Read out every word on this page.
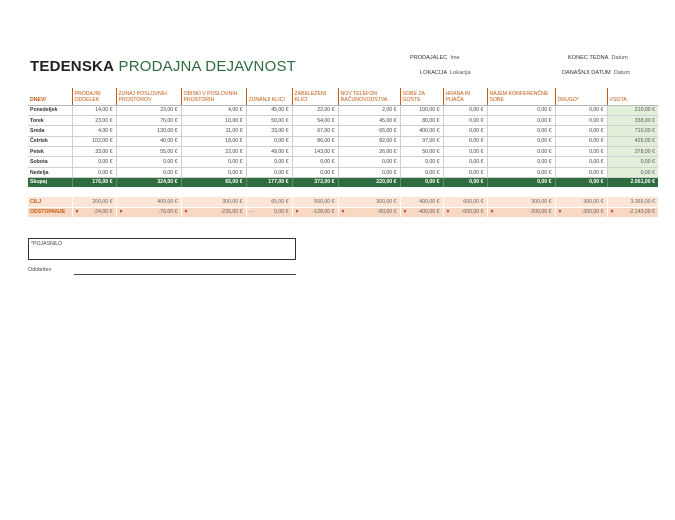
TEDENSKA PRODAJNA DEJAVNOST	PRODAJALEC Ime	KONEC TEDNA Datum
LOKACIJA Lokacija	DANAŠNJI DATUM Datum
DNEVI	PRODAJNI ODDELEK	ZUNAJ POSLOVNIH PROSTOROV	OBISKI V POSLOVNIH PROSTORIH	ZUNANJI KLICI	ZABELEŽENI KLICI	NOV TELEFON RAČUNOVODSTVA	SOBE ZA GOSTE	HRANA IN PIJAČA	NAJEM KONFERENČNE SOBE	DRUGO*	VSOTA
Ponedeljek	14,00 €	23,00 €	4,00 €	45,00 €	22,00 €	2,00 €	100,00 €	0,00 €	0,00 €	0,00 €	210,00 €
Torek	23,00 €	76,00 €	10,00 €	50,00 €	54,00 €	45,00 €	80,00 €	0,00 €	0,00 €	0,00 €	338,00 €
Sreda	4,00 €	130,00 €	11,00 €	33,00 €	67,00 €	65,00 €	400,00 €	0,00 €	0,00 €	0,00 €	710,00 €
Četrtek	102,00 €	40,00 €	18,00 €	0,00 €	86,00 €	82,00 €	97,00 €	0,00 €	0,00 €	0,00 €	425,00 €
Petek	33,00 €	55,00 €	22,00 €	49,00 €	143,00 €	26,00 €	50,00 €	0,00 €	0,00 €	0,00 €	378,00 €
Sobota	0,00 €	0,00 €	0,00 €	0,00 €	0,00 €	0,00 €	0,00 €	0,00 €	0,00 €	0,00 €	0,00 €
Nedelja	0,00 €	0,00 €	0,00 €	0,00 €	0,00 €	0,00 €	0,00 €	0,00 €	0,00 €	0,00 €	0,00 €
Skupaj	176,00 €	324,00 €	65,00 €	177,00 €	372,00 €	220,00 €	0,00 €	0,00 €	0,00 €	0,00 €	2.061,00 €
CILJ	200,00 €	400,00 €	300,00 €	65,00 €	500,00 €	300,00 €	400,00 €	600,00 €	300,00 €	300,00 €	3.365,00 €
ODSTOPANJE	▼ -24,00 €	▼ -76,00 €	▼ -235,00 €	— 0,00 €	▼ -128,00 €	▼ -80,00 €	▼ -400,00 €	▼ -600,00 €	▼ -300,00 €	▼ -300,00 €	▼ -2.143,00 €
*POJASNILO
Odobritev
